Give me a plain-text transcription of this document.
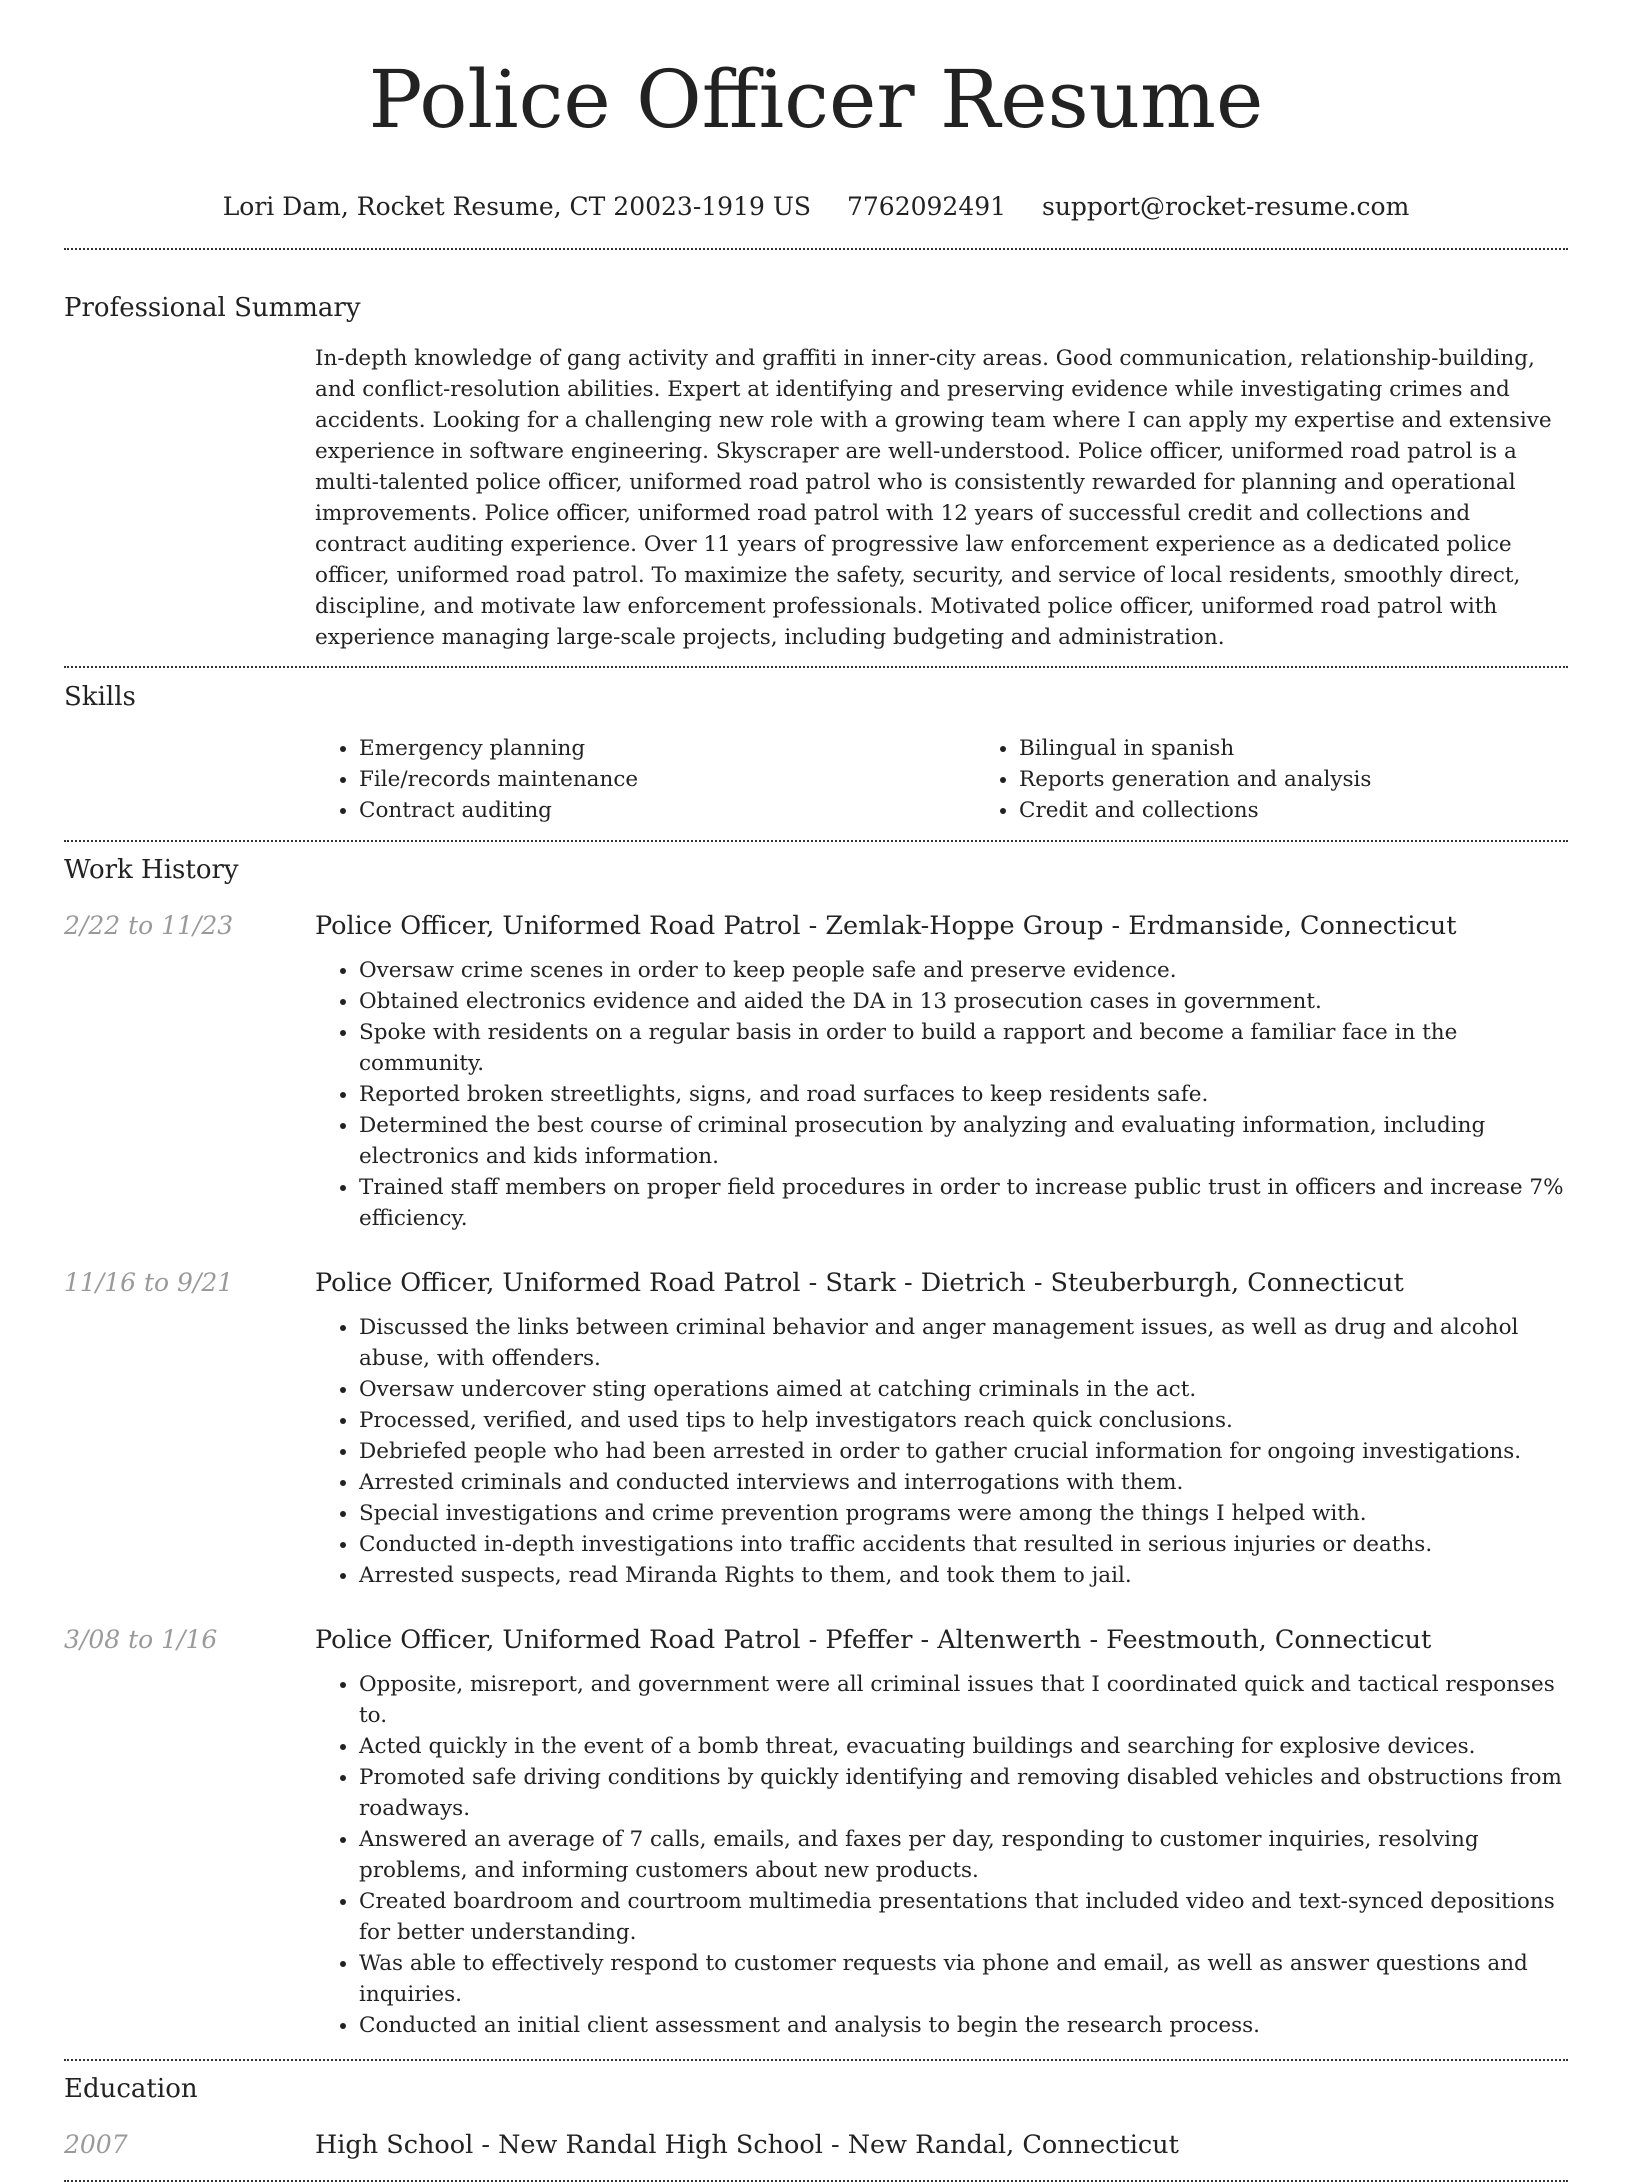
Police Officer Resume
Lori Dam, Rocket Resume, CT 20023-1919 US 7762092491 support@rocket-resume.com
Professional Summary
In-depth knowledge of gang activity and graffiti in inner-city areas. Good communication, relationship-building, and conflict-resolution abilities. Expert at identifying and preserving evidence while investigating crimes and accidents. Looking for a challenging new role with a growing team where I can apply my expertise and extensive experience in software engineering. Skyscraper are well-understood. Police officer, uniformed road patrol is a multi-talented police officer, uniformed road patrol who is consistently rewarded for planning and operational improvements. Police officer, uniformed road patrol with 12 years of successful credit and collections and contract auditing experience. Over 11 years of progressive law enforcement experience as a dedicated police officer, uniformed road patrol. To maximize the safety, security, and service of local residents, smoothly direct, discipline, and motivate law enforcement professionals. Motivated police officer, uniformed road patrol with experience managing large-scale projects, including budgeting and administration.
Skills
• Emergency planning
• File/records maintenance
• Contract auditing
• Bilingual in spanish
• Reports generation and analysis
• Credit and collections
Work History
2/22 to 11/23	Police Officer, Uniformed Road Patrol - Zemlak-Hoppe Group - Erdmanside, Connecticut
• Oversaw crime scenes in order to keep people safe and preserve evidence.
• Obtained electronics evidence and aided the DA in 13 prosecution cases in government.
• Spoke with residents on a regular basis in order to build a rapport and become a familiar face in the community.
• Reported broken streetlights, signs, and road surfaces to keep residents safe.
• Determined the best course of criminal prosecution by analyzing and evaluating information, including electronics and kids information.
• Trained staff members on proper field procedures in order to increase public trust in officers and increase 7% efficiency.
11/16 to 9/21	Police Officer, Uniformed Road Patrol - Stark - Dietrich - Steuberburgh, Connecticut
• Discussed the links between criminal behavior and anger management issues, as well as drug and alcohol abuse, with offenders.
• Oversaw undercover sting operations aimed at catching criminals in the act.
• Processed, verified, and used tips to help investigators reach quick conclusions.
• Debriefed people who had been arrested in order to gather crucial information for ongoing investigations.
• Arrested criminals and conducted interviews and interrogations with them.
• Special investigations and crime prevention programs were among the things I helped with.
• Conducted in-depth investigations into traffic accidents that resulted in serious injuries or deaths.
• Arrested suspects, read Miranda Rights to them, and took them to jail.
3/08 to 1/16	Police Officer, Uniformed Road Patrol - Pfeffer - Altenwerth - Feestmouth, Connecticut
• Opposite, misreport, and government were all criminal issues that I coordinated quick and tactical responses to.
• Acted quickly in the event of a bomb threat, evacuating buildings and searching for explosive devices.
• Promoted safe driving conditions by quickly identifying and removing disabled vehicles and obstructions from roadways.
• Answered an average of 7 calls, emails, and faxes per day, responding to customer inquiries, resolving problems, and informing customers about new products.
• Created boardroom and courtroom multimedia presentations that included video and text-synced depositions for better understanding.
• Was able to effectively respond to customer requests via phone and email, as well as answer questions and inquiries.
• Conducted an initial client assessment and analysis to begin the research process.
Education
2007	High School - New Randal High School - New Randal, Connecticut
